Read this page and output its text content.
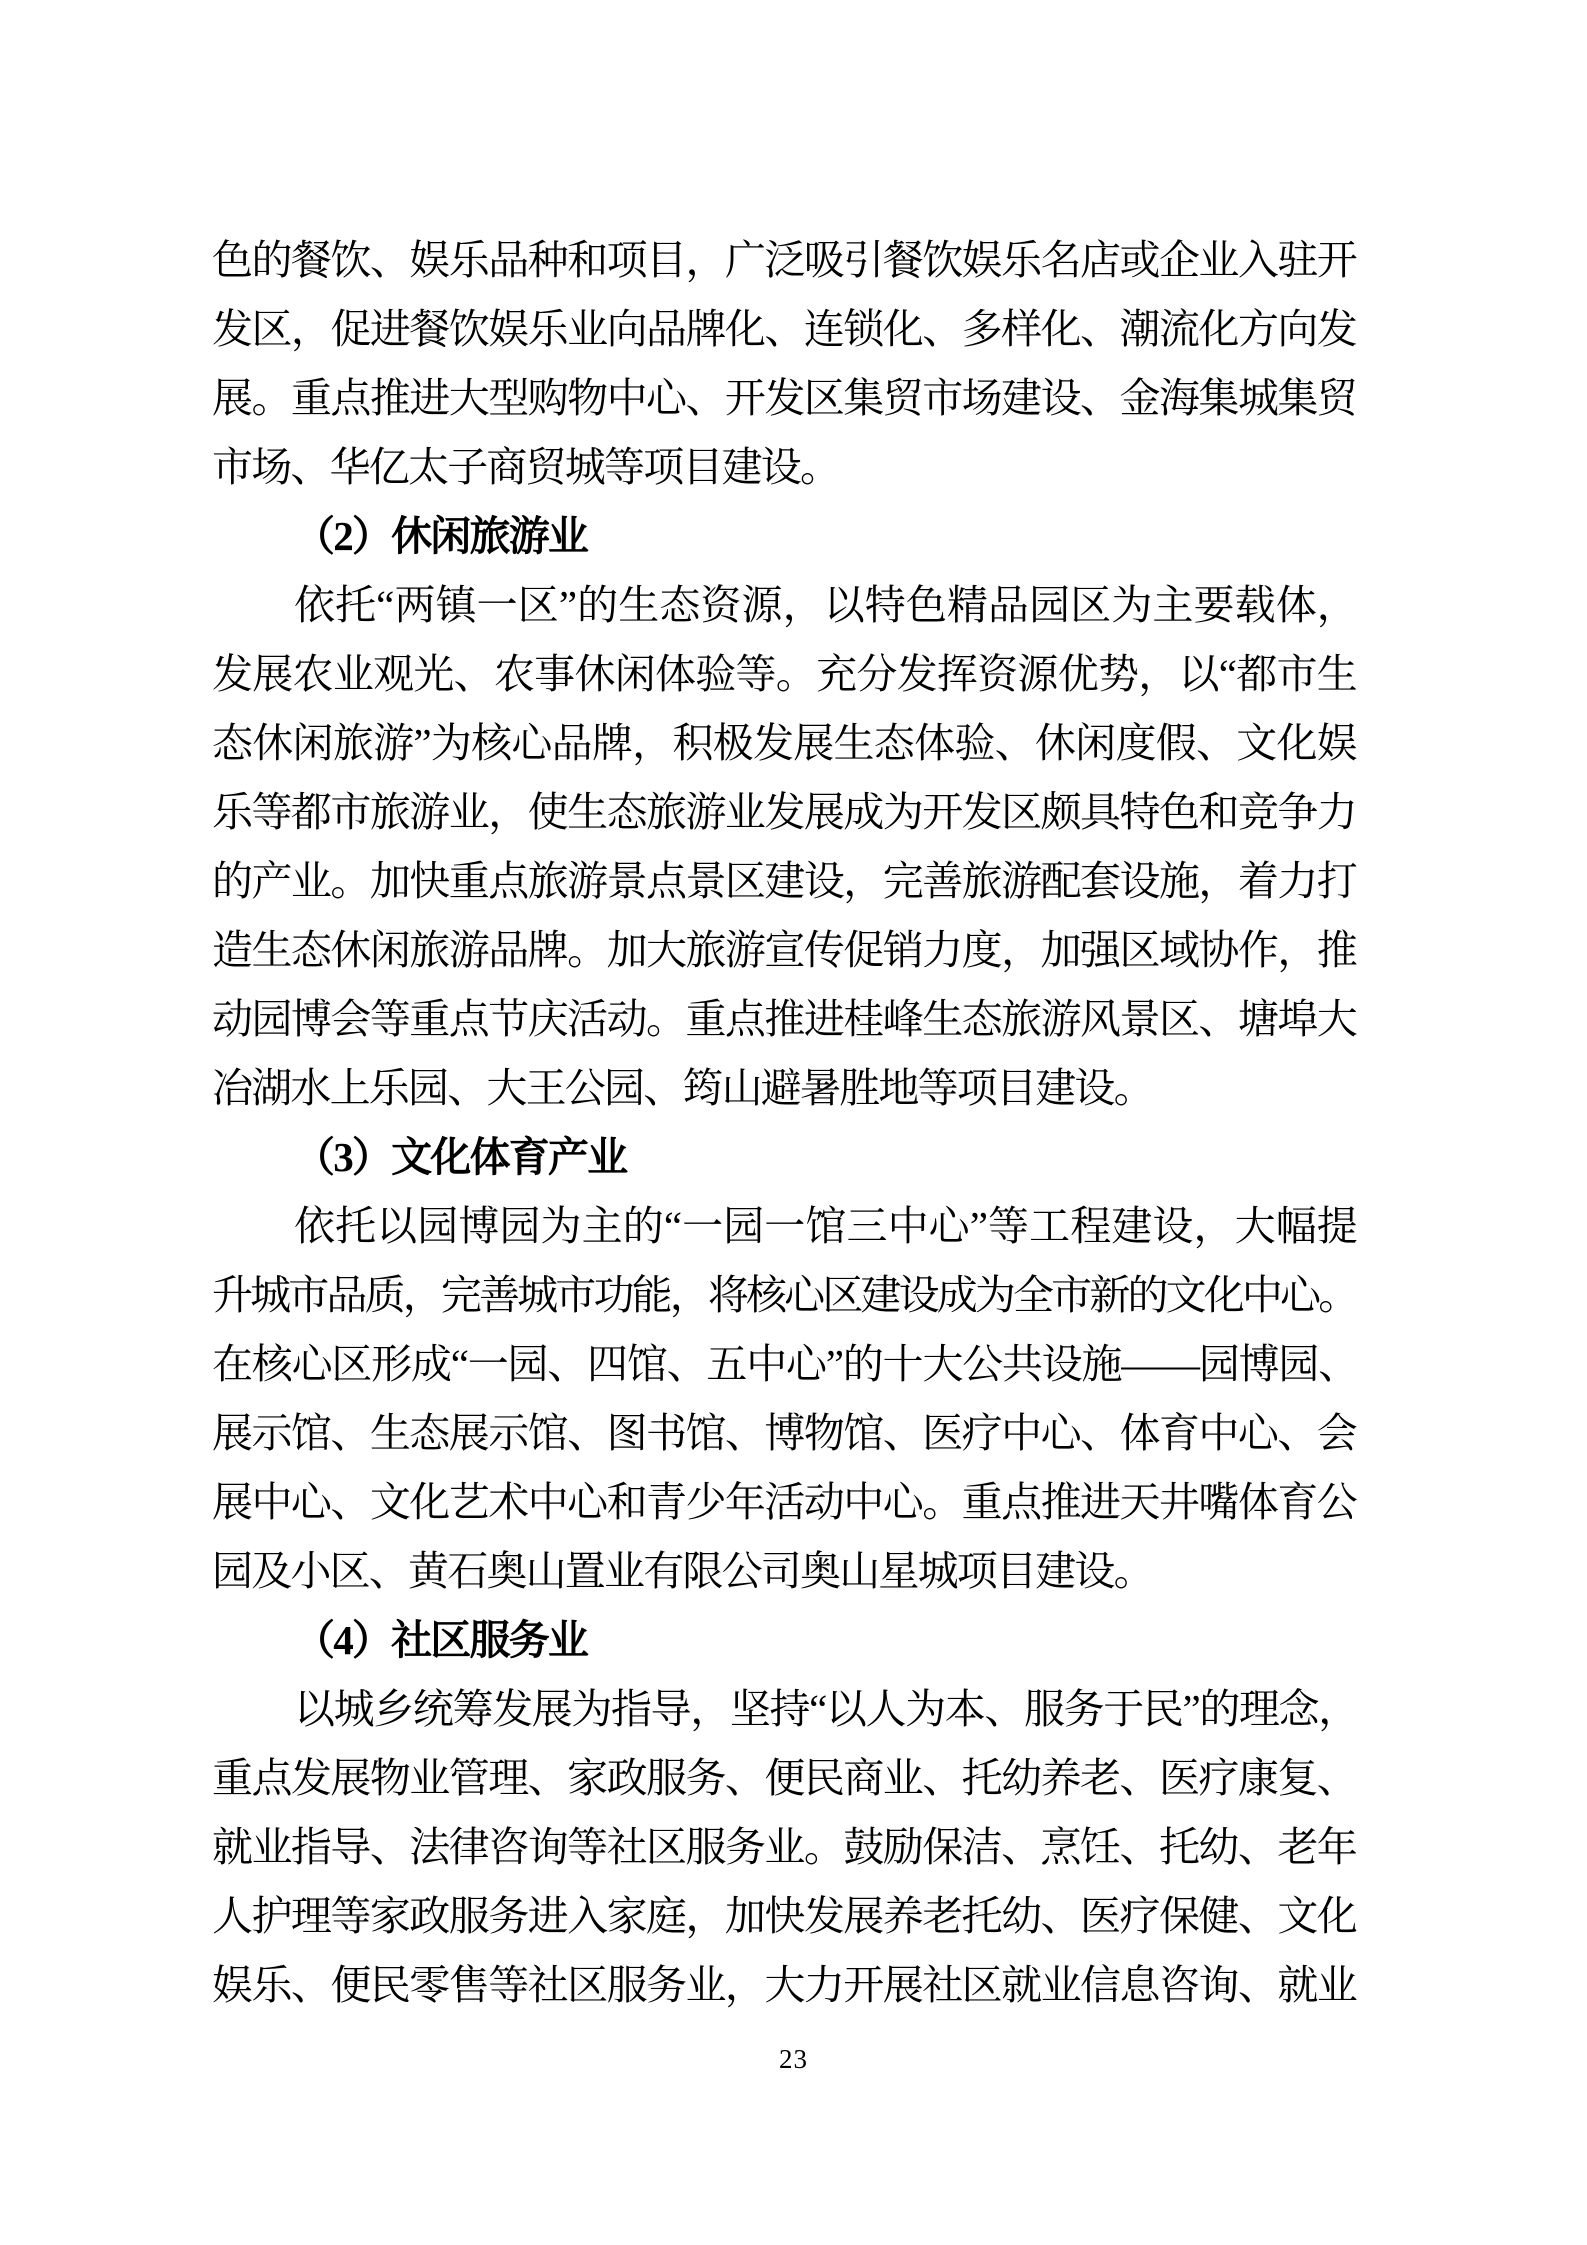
色的餐饮、娱乐品种和项目，广泛吸引餐饮娱乐名店或企业入驻开
发区，促进餐饮娱乐业向品牌化、连锁化、多样化、潮流化方向发
展。重点推进大型购物中心、开发区集贸市场建设、金海集城集贸
市场、华亿太子商贸城等项目建设。
（2）休闲旅游业
依托“两镇一区”的生态资源，以特色精品园区为主要载体，
发展农业观光、农事休闲体验等。充分发挥资源优势，以“都市生
态休闲旅游”为核心品牌，积极发展生态体验、休闲度假、文化娱
乐等都市旅游业，使生态旅游业发展成为开发区颇具特色和竞争力
的产业。加快重点旅游景点景区建设，完善旅游配套设施，着力打
造生态休闲旅游品牌。加大旅游宣传促销力度，加强区域协作，推
动园博会等重点节庆活动。重点推进桂峰生态旅游风景区、塘埠大
冶湖水上乐园、大王公园、筠山避暑胜地等项目建设。
（3）文化体育产业
依托以园博园为主的“一园一馆三中心”等工程建设，大幅提
升城市品质，完善城市功能，将核心区建设成为全市新的文化中心。
在核心区形成“一园、四馆、五中心”的十大公共设施——园博园、
展示馆、生态展示馆、图书馆、博物馆、医疗中心、体育中心、会
展中心、文化艺术中心和青少年活动中心。重点推进天井嘴体育公
园及小区、黄石奥山置业有限公司奥山星城项目建设。
（4）社区服务业
以城乡统筹发展为指导，坚持“以人为本、服务于民”的理念，
重点发展物业管理、家政服务、便民商业、托幼养老、医疗康复、
就业指导、法律咨询等社区服务业。鼓励保洁、烹饪、托幼、老年
人护理等家政服务进入家庭，加快发展养老托幼、医疗保健、文化
娱乐、便民零售等社区服务业，大力开展社区就业信息咨询、就业
23
